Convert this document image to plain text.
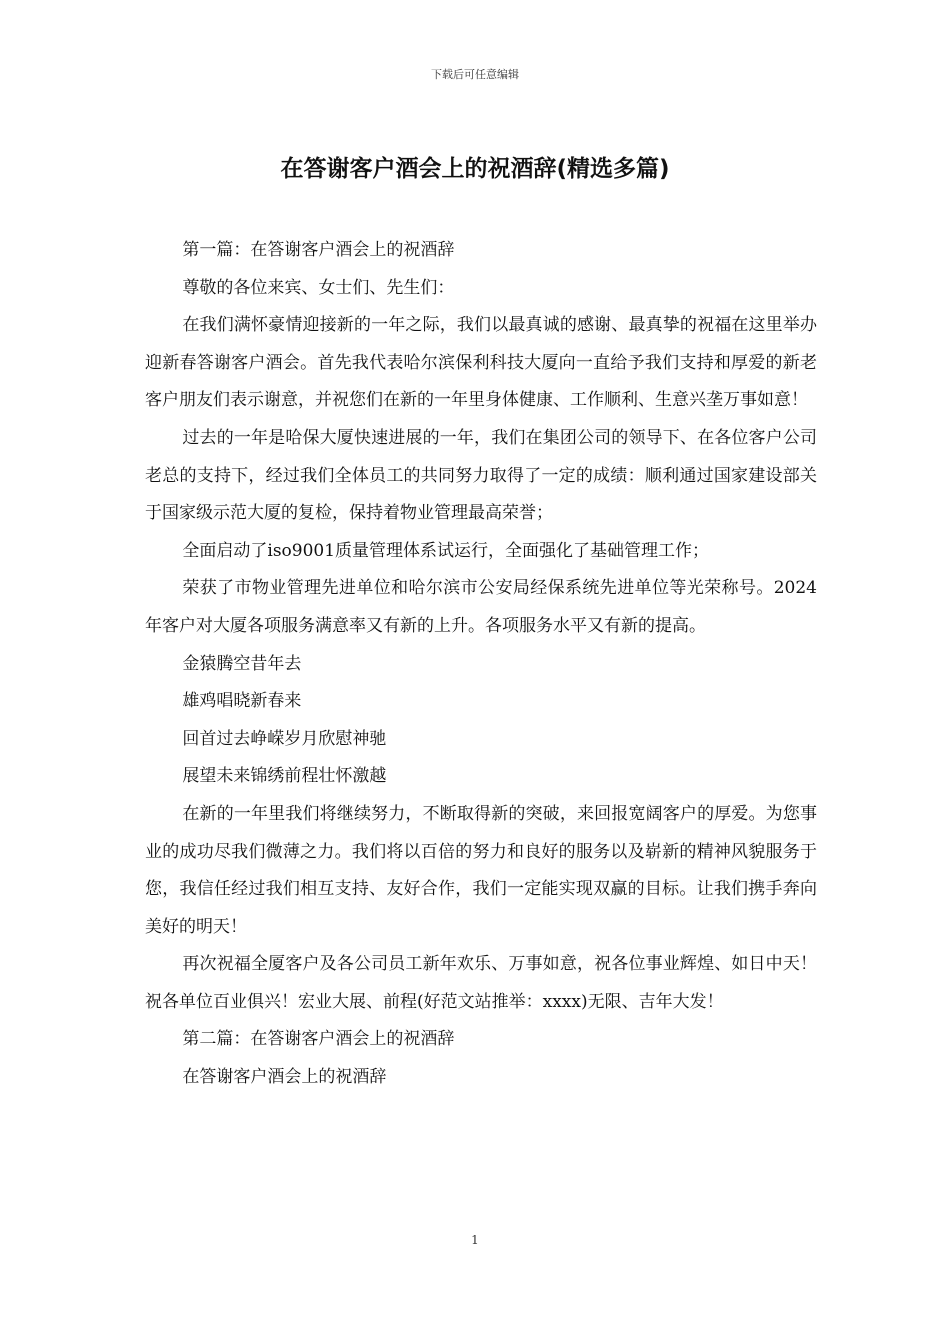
下载后可任意编辑
在答谢客户酒会上的祝酒辞(精选多篇)

第一篇：在答谢客户酒会上的祝酒辞

尊敬的各位来宾、女士们、先生们：

在我们满怀豪情迎接新的一年之际，我们以最真诚的感谢、最真挚的祝福在这里举办迎新春答谢客户酒会。首先我代表哈尔滨保利科技大厦向一直给予我们支持和厚爱的新老客户朋友们表示谢意，并祝您们在新的一年里身体健康、工作顺利、生意兴垄万事如意！

过去的一年是哈保大厦快速进展的一年，我们在集团公司的领导下、在各位客户公司老总的支持下，经过我们全体员工的共同努力取得了一定的成绩：顺利通过国家建设部关于国家级示范大厦的复检，保持着物业管理最高荣誉；

全面启动了iso9001质量管理体系试运行，全面强化了基础管理工作；

荣获了市物业管理先进单位和哈尔滨市公安局经保系统先进单位等光荣称号。2024年客户对大厦各项服务满意率又有新的上升。各项服务水平又有新的提高。

金猿腾空昔年去

雄鸡唱晓新春来

回首过去峥嵘岁月欣慰神驰

展望未来锦绣前程壮怀激越

在新的一年里我们将继续努力，不断取得新的突破，来回报宽阔客户的厚爱。为您事业的成功尽我们微薄之力。我们将以百倍的努力和良好的服务以及崭新的精神风貌服务于您，我信任经过我们相互支持、友好合作，我们一定能实现双赢的目标。让我们携手奔向美好的明天！

再次祝福全厦客户及各公司员工新年欢乐、万事如意，祝各位事业辉煌、如日中天！祝各单位百业俱兴！宏业大展、前程(好范文站推举：xxxx)无限、吉年大发！

第二篇：在答谢客户酒会上的祝酒辞

在答谢客户酒会上的祝酒辞

1
